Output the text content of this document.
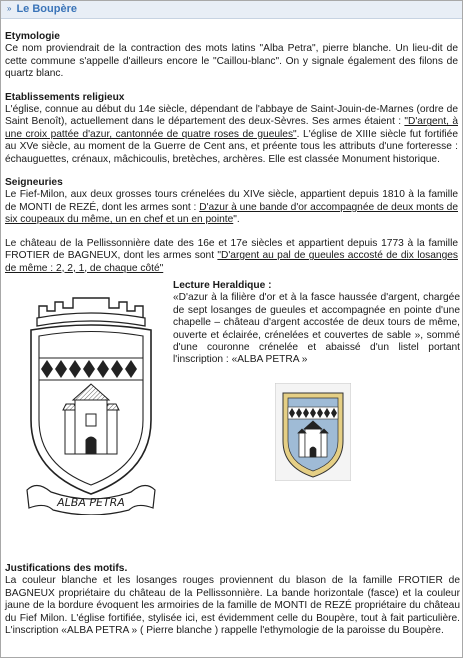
» Le Boupère

Etymologie

Ce nom proviendrait de la contraction des mots latins "Alba Petra", pierre blanche. Un lieu-dit de cette commune s'appelle d'ailleurs encore le "Caillou-blanc". On y signale également des filons de quartz blanc.

Etablissements religieux

L'église, connue au début du 14e siècle, dépendant de l'abbaye de Saint-Jouin-de-Marnes (ordre de Saint Benoît), actuellement dans le département des deux-Sèvres. Ses armes étaient : "D'argent, à une croix pattée d'azur, cantonnée de quatre roses de gueules". L'église de XIIIe siècle fut fortifiée au XVe siècle, au moment de la Guerre de Cent ans, et préente tous les attributs d'une forteresse : échauguettes, crénaux, mâchicoulis, bretèches, archères. Elle est classée Monument historique.

Seigneuries

Le Fief-Milon, aux deux grosses tours crénelées du XIVe siècle, appartient depuis 1810 à la famille de MONTI de REZÉ, dont les armes sont : D'azur à une bande d'or accompagnée de deux monts de six coupeaux du même, un en chef et un en pointe".

Le château de la Pellissonnière date des 16e et 17e siècles et appartient depuis 1773 à la famille FROTIER de BAGNEUX, dont les armes sont "D'argent au pal de gueules accosté de dix losanges de même : 2, 2, 1, de chaque côté"

ALBA PETRA

Lecture Heraldique :

«D'azur à la filière d'or et à la fasce haussée d'argent, chargée de sept losanges de gueules et accompagnée en pointe d'une chapelle – château d'argent accostée de deux tours de même, ouverte et éclairée, crénelées et couvertes de sable », sommé d'une couronne crénelée et abaissé d'un listel portant l'inscription : «ALBA PETRA »

Justifications des motifs.

La couleur blanche et les losanges rouges proviennent du blason de la famille FROTIER de BAGNEUX propriétaire du château de la Pellissonnière. La bande horizontale (fasce) et la couleur jaune de la bordure évoquent les armoiries de la famille de MONTI de REZÉ propriétaire du château du Fief Milon. L'église fortifiée, stylisée ici, est évidemment celle du Boupère, tout à fait particulière. L'inscription «ALBA PETRA » ( Pierre blanche ) rappelle l'ethymologie de la paroisse du Boupère.
